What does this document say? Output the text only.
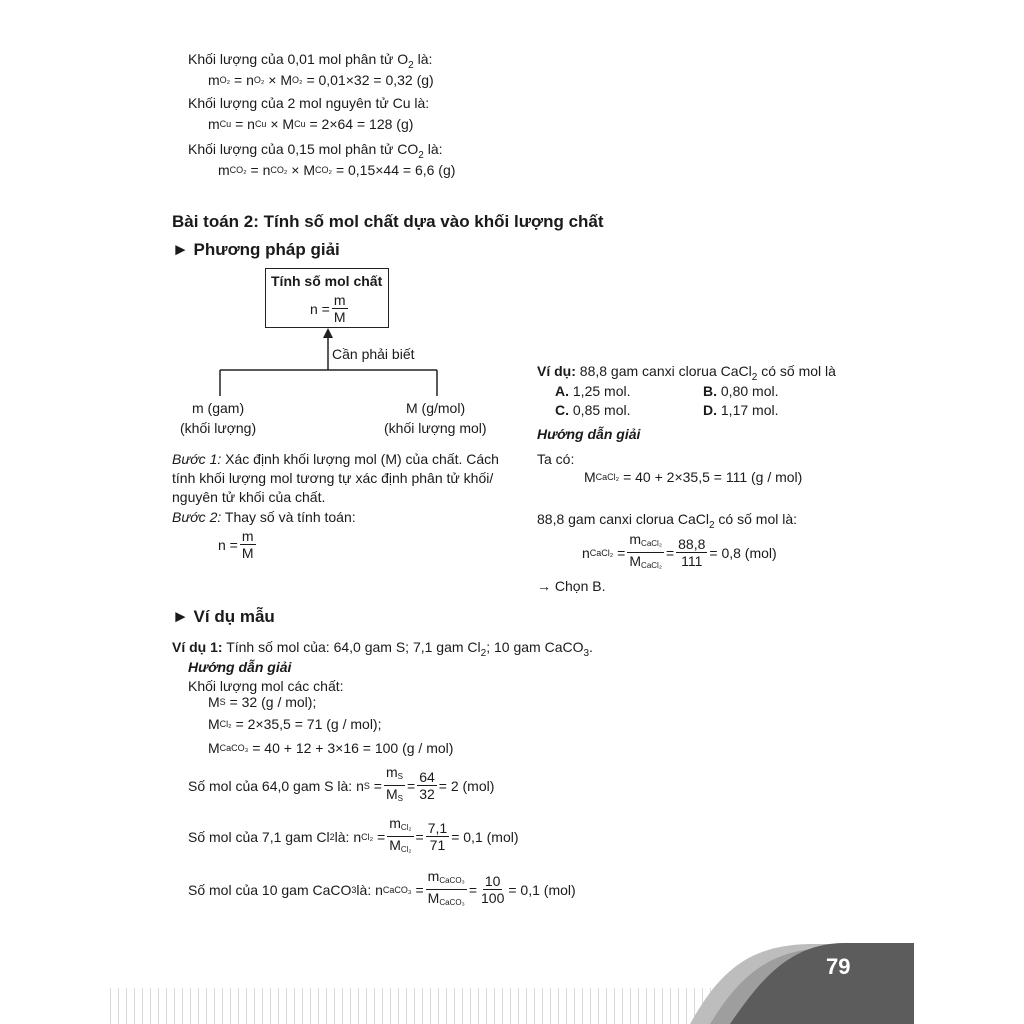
Khối lượng của 0,01 mol phân tử $O_2$ là:
m O₂ = n O₂ × M O₂
= 0,01×32 = 0,32 (g)
Khối lượng của 2 mol nguyên tử Cu là:
m Cu = n Cu × M Cu
= 2×64 = 128 (g)
Khối lượng của 0,15 mol phân tử $CO_2$ là:
m CO₂ = n CO₂ × M CO₂
= 0,15×44 = 6,6 (g)
Bài toán 2: Tính số mol chất dựa vào khối lượng chất
► Phương pháp giải
Tính số mol chất
$n = \frac{m}{M}$
Cần phải biết
m (gam)
(khối lượng)
M (g/mol)
(khối lượng mol)
Bước 1: Xác định khối lượng mol (M) của chất. Cách
tính khối lượng mol tương tự xác định phân tử khối/
nguyên tử khối của chất.
Bước 2: Thay số và tính toán:
$n = \frac{m}{M}$
Ví dụ: 88,8 gam canxi clorua CaCl$_2$ có số mol là
A. 1,25 mol.	B. 0,80 mol.
C. 0,85 mol.	D. 1,17 mol.
Hướng dẫn giải
Ta có:
M CaCl₂
= 40 + 2×35,5 = 111 (g / mol)
88,8 gam canxi clorua CaCl$_2$ có số mol là:
n CaCl₂ = $\frac{m_{CaCl_2}}{M_{CaCl_2}} = \frac{88,8}{111} = 0,8$ (mol)
→ Chọn B.
► Ví dụ mẫu
Ví dụ 1: Tính số mol của: 64,0 gam S; 7,1 gam $Cl_2$; 10 gam CaCO$_3$.
Hướng dẫn giải
Khối lượng mol các chất:
M S
= 32 (g / mol);
M Cl₂
= 2×35,5 = 71 (g / mol);
M CaCO₃
= 40 + 12 + 3×16 = 100 (g / mol)
Số mol của 64,0 gam S là: n $S = \frac{m_S}{M_S} = \frac{64}{32} = 2$ (mol)
Số mol của 7,1 gam Cl 2 là: n $Cl_2 = \frac{m_{Cl_2}}{M_{Cl_2}} = \frac{7,1}{71} = 0,1$ (mol)
Số mol của 10 gam CaCO 3 là: n CaCO₃ = $\frac{m_{CaCO_3}}{M_{CaCO_3}} = \frac{10}{100} = 0,1$ (mol)
79
